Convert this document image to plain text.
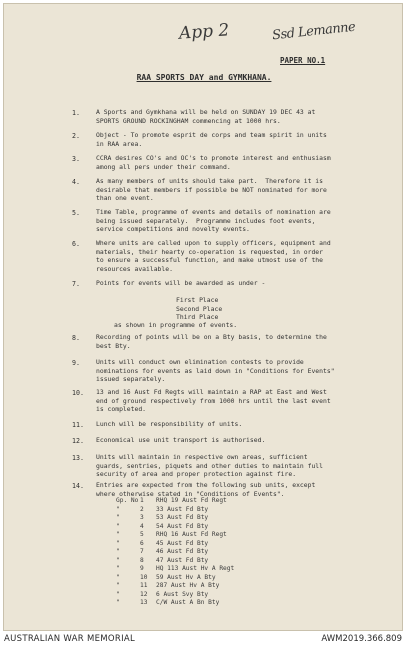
App 2	Ssd Lemanne
PAPER NO.1
RAA SPORTS DAY and GYMKHANA.
1.	A Sports and Gymkhana will be held on SUNDAY 19 DEC 43 at
SPORTS GROUND ROCKINGHAM commencing at 1000 hrs.
2.	Object - To promote esprit de corps and team spirit in units
in RAA area.
3.	CCRA desires CO's and OC's to promote interest and enthusiasm
among all pers under their command.
4.	As many members of units should take part.  Therefore it is
desirable that members if possible be NOT nominated for more
than one event.
5.	Time Table, programme of events and details of nomination are
being issued separately.  Programme includes foot events,
service competitions and novelty events.
6.	Where units are called upon to supply officers, equipment and
materials, their hearty co-operation is requested, in order
to ensure a successful function, and make utmost use of the
resources available.
7.	Points for events will be awarded as under -
First Place
Second Place
Third Place
as shown in programme of events.
8.	Recording of points will be on a Bty basis, to determine the
best Bty.
9.	Units will conduct own elimination contests to provide
nominations for events as laid down in "Conditions for Events"
issued separately.
10. 13 and 16 Aust Fd Regts will maintain a RAP at East and West
end of ground respectively from 1000 hrs until the last event
is completed.
11. Lunch will be responsibility of units.
12. Economical use unit transport is authorised.
13. Units will maintain in respective own areas, sufficient
guards, sentries, piquets and other duties to maintain full
security of area and proper protection against fire.
14. Entries are expected from the following sub units, except
where otherwise stated in "Conditions of Events".
Gp. No 1	RHQ 19 Aust Fd Regt
"	2	33 Aust Fd Bty
"	3	53 Aust Fd Bty
"	4	54 Aust Fd Bty
"	5	RHQ 16 Aust Fd Regt
"	6	45 Aust Fd Bty
"	7	46 Aust Fd Bty
"	8	47 Aust Fd Bty
"	9	HQ 113 Aust Hv A Regt
"	10	59 Aust Hv A Bty
"	11	287 Aust Hv A Bty
"	12	6 Aust Svy Bty
"	13	C/W Aust A Bn Bty
AUSTRALIAN WAR MEMORIAL	AWM2019.366.809
